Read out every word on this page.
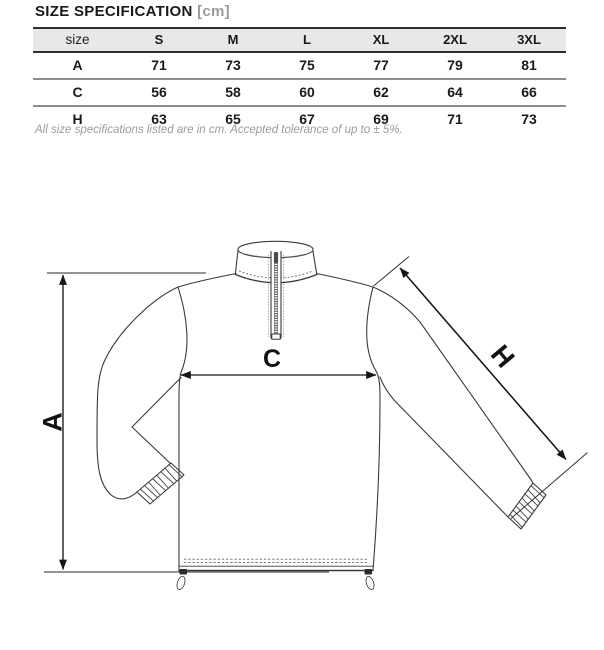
SIZE SPECIFICATION [cm]
size	S	M	L	XL	2XL	3XL
A	71	73	75	77	79	81
C	56	58	60	62	64	66
H	63	65	67	69	71	73
All size specifications listed are in cm. Accepted tolerance of up to ± 5%.
A
C	H
